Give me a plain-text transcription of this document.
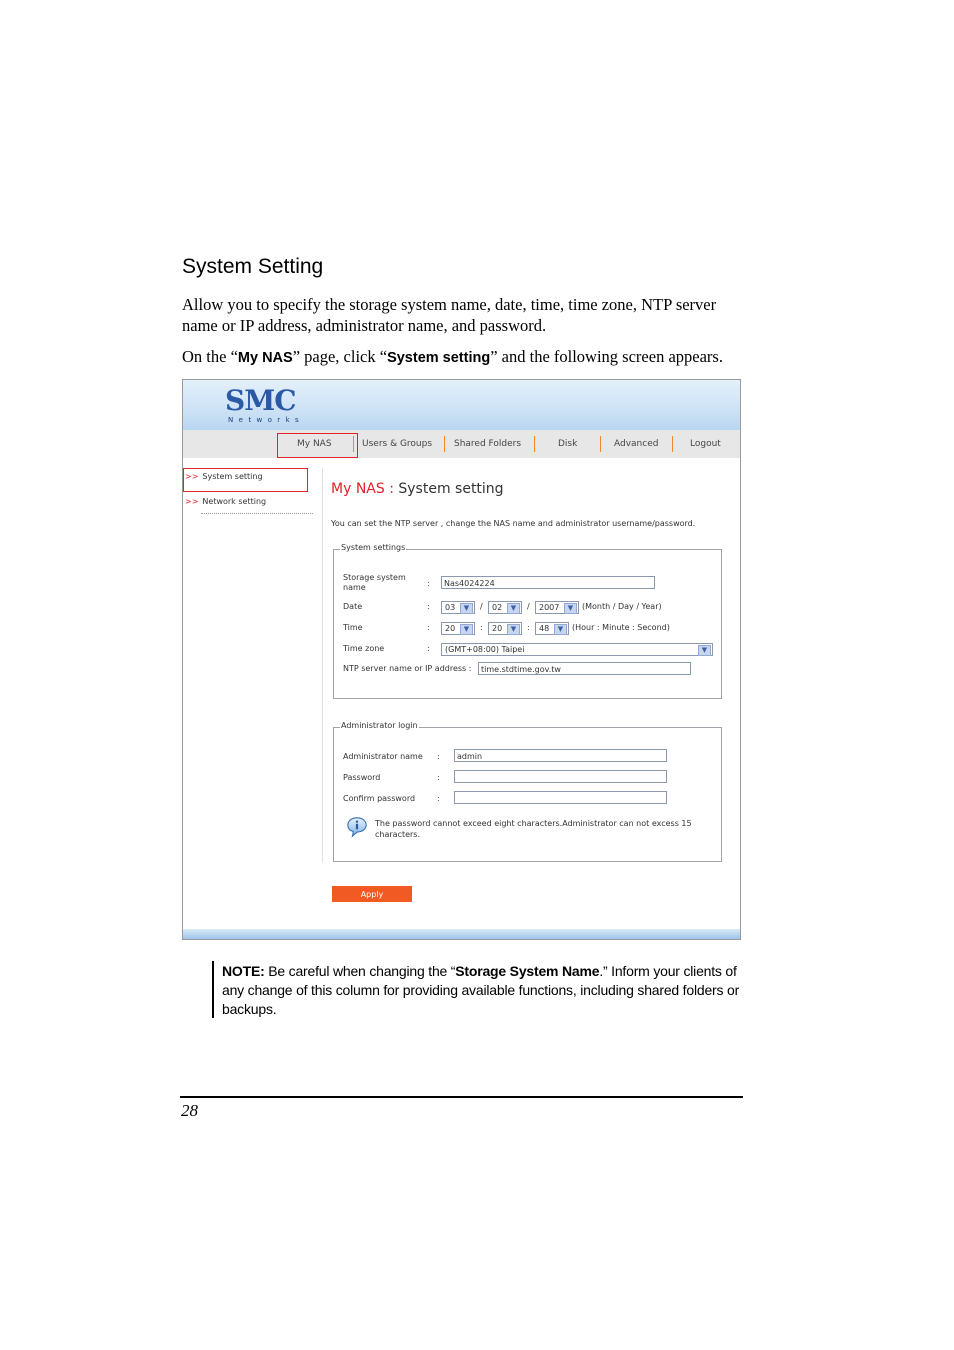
System Setting
Allow you to specify the storage system name, date, time, time zone, NTP server name or IP address, administrator name, and password.
On the “My NAS” page, click “System setting” and the following screen appears.
SMC
Networks
My NAS	Users & Groups Shared Folders	Disk	Advanced	Logout
>> System setting
>> Network setting
My NAS : System setting
You can set the NTP server , change the NAS name and administrator username/password.
System settings
Storage system name	:	Nas4024224
Date	:	03	▼	/	02	▼	/	2007	▼	(Month / Day / Year)
Time	:	20	▼	:	20	▼	:	48	▼	(Hour : Minute : Second)
Time zone	:	(GMT+08:00) Taipei	▼
NTP server name or IP address :	time.stdtime.gov.tw
Administrator login
Administrator name :	admin
Password	:
Confirm password	:
The password cannot exceed eight characters.Administrator can not excess 15 characters.
Apply
NOTE: Be careful when changing the “Storage System Name.” Inform your clients of any change of this column for providing available functions, including shared folders or backups.
28
